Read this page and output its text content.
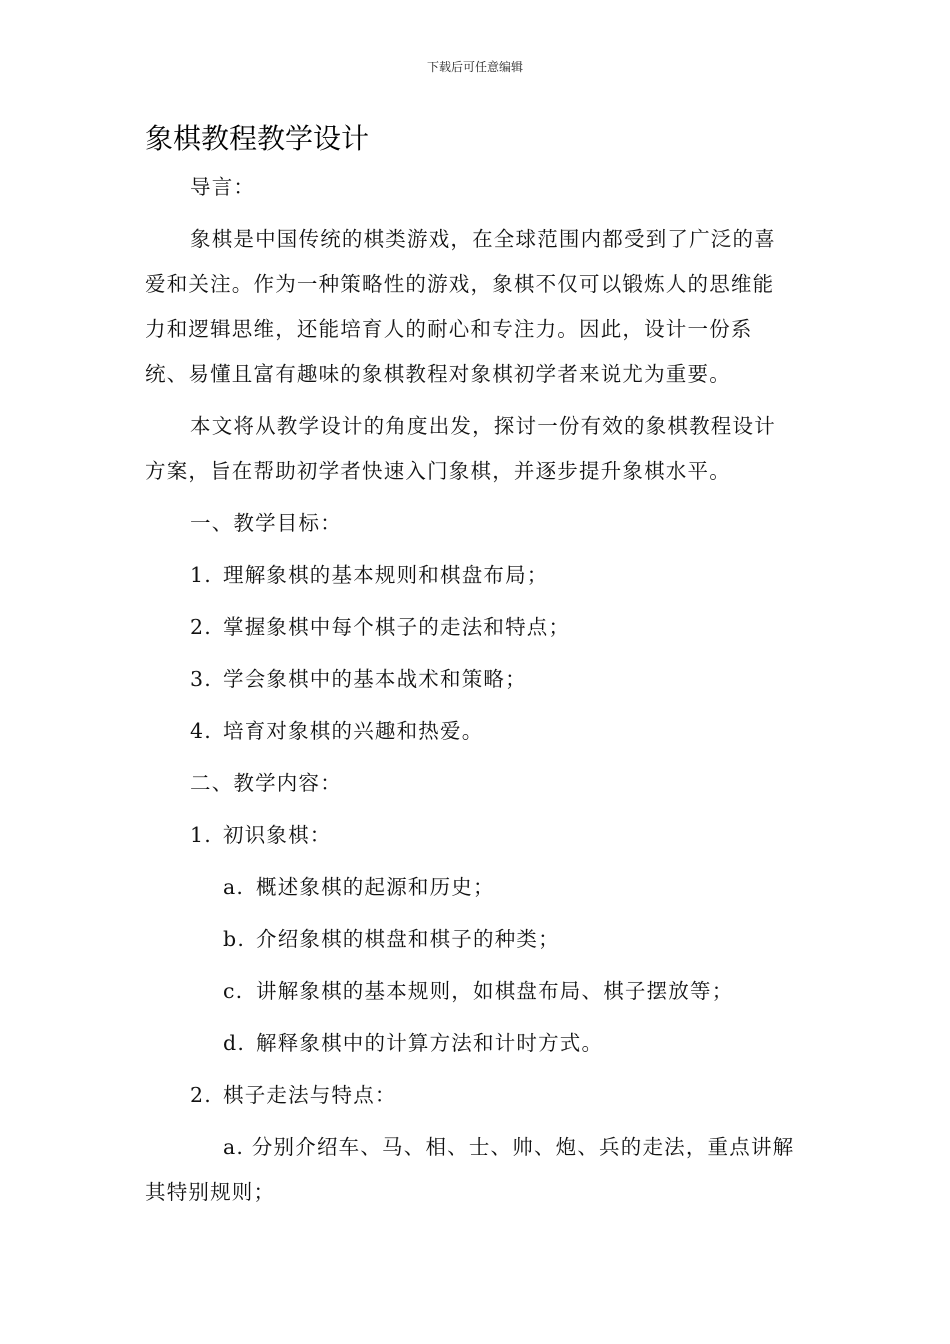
下载后可任意编辑
象棋教程教学设计
导言：

象棋是中国传统的棋类游戏，在全球范围内都受到了广泛的喜爱和关注。作为一种策略性的游戏，象棋不仅可以锻炼人的思维能力和逻辑思维，还能培育人的耐心和专注力。因此，设计一份系统、易懂且富有趣味的象棋教程对象棋初学者来说尤为重要。

本文将从教学设计的角度出发，探讨一份有效的象棋教程设计方案，旨在帮助初学者快速入门象棋，并逐步提升象棋水平。

一、教学目标：
1. 理解象棋的基本规则和棋盘布局；
2. 掌握象棋中每个棋子的走法和特点；
3. 学会象棋中的基本战术和策略；
4. 培育对象棋的兴趣和热爱。
二、教学内容：
1. 初识象棋：
a. 概述象棋的起源和历史；
b. 介绍象棋的棋盘和棋子的种类；
c. 讲解象棋的基本规则，如棋盘布局、棋子摆放等；
d. 解释象棋中的计算方法和计时方式。
2. 棋子走法与特点：

a. 分别介绍车、马、相、士、帅、炮、兵的走法，重点讲解其特别规则；
